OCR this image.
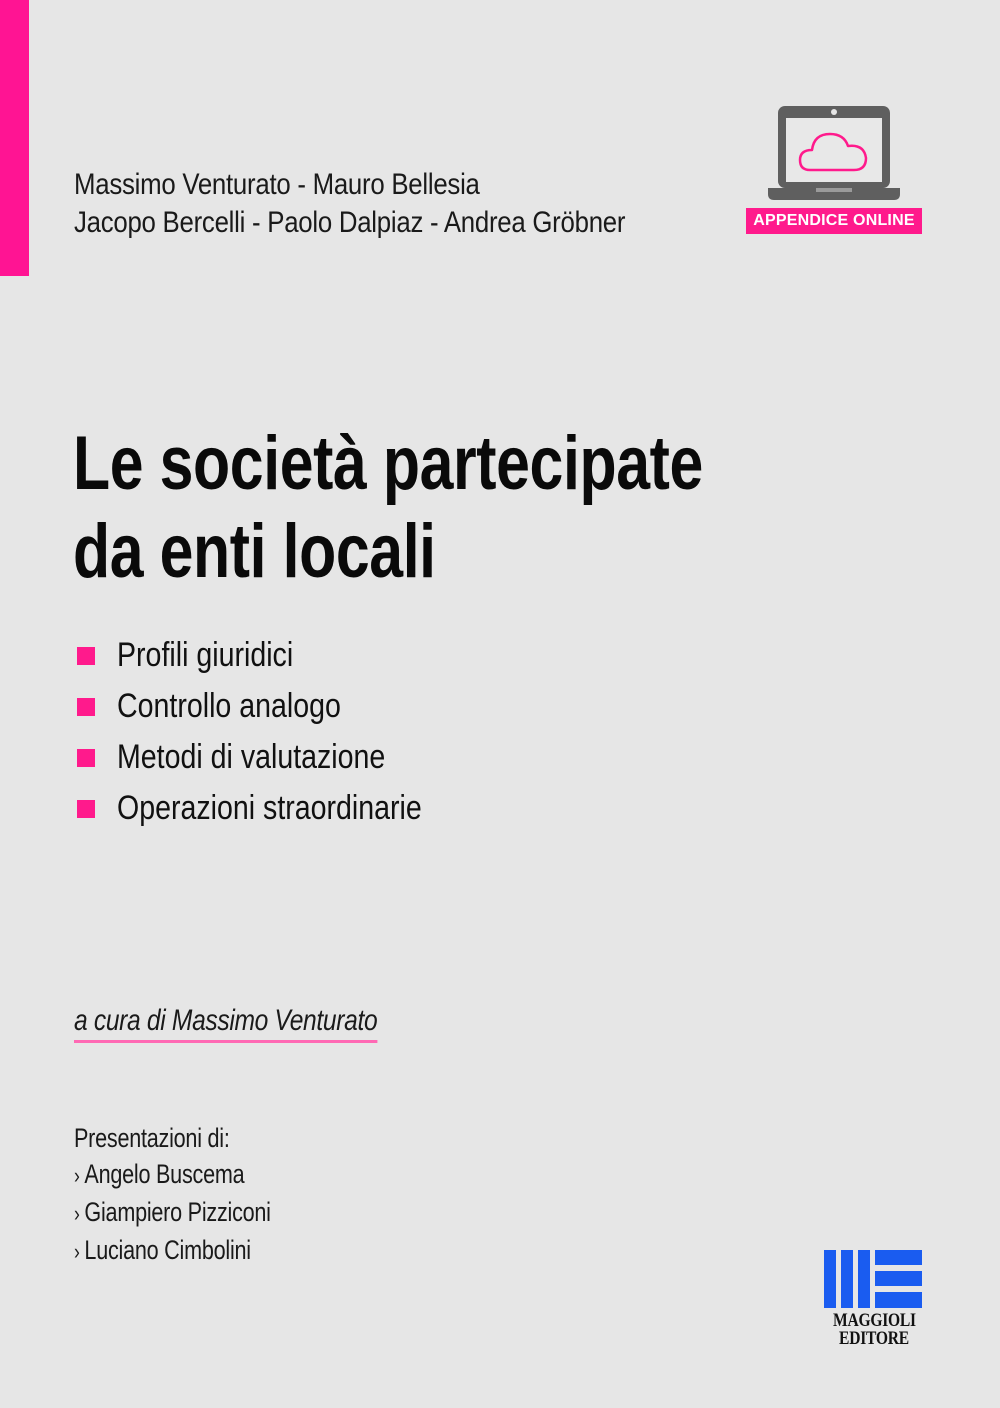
Massimo Venturato - Mauro Bellesia
Jacopo Bercelli - Paolo Dalpiaz - Andrea Gröbner	APPENDICE ONLINE
Le società partecipate
da enti locali
Profili giuridici
Controllo analogo
Metodi di valutazione
Operazioni straordinarie
a cura di Massimo Venturato
Presentazioni di:
› Angelo Buscema
› Giampiero Pizziconi
› Luciano Cimbolini
MAGGIOLI
EDITORE
